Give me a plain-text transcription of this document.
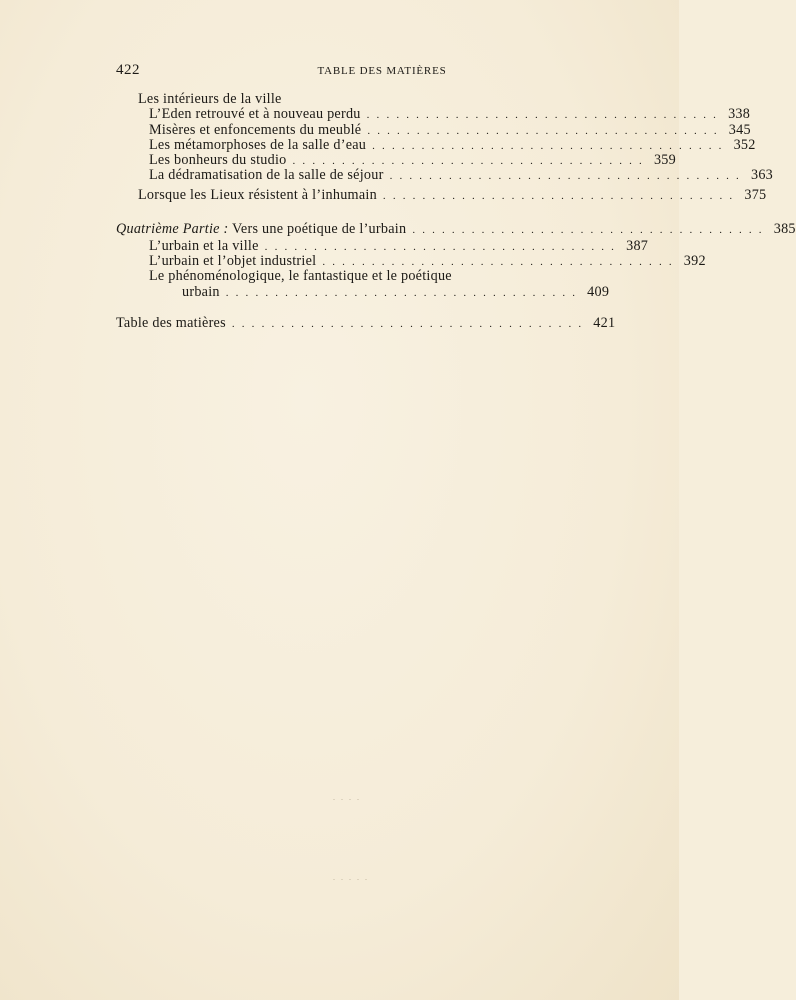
422	TABLE DES MATIÈRES
Les intérieurs de la ville
L’Eden retrouvé et à nouveau perdu . . . . . . . . . . . . . . . . . . . . . . . . . . . . . . . . . . . . 338
Misères et enfoncements du meublé . . . . . . . . . . . . . . . . . . . . . . . . . . . . . . . . . . . . 345
Les métamorphoses de la salle d’eau . . . . . . . . . . . . . . . . . . . . . . . . . . . . . . . . . . . . 352
Les bonheurs du studio . . . . . . . . . . . . . . . . . . . . . . . . . . . . . . . . . . . . 359
La dédramatisation de la salle de séjour . . . . . . . . . . . . . . . . . . . . . . . . . . . . . . . . . . . . 363
Lorsque les Lieux résistent à l’inhumain . . . . . . . . . . . . . . . . . . . . . . . . . . . . . . . . . . . . 375
Quatrième Partie : Vers une poétique de l’urbain . . . . . . . . . . . . . . . . . . . . . . . . . . . . . . . . . . . . 385
L’urbain et la ville . . . . . . . . . . . . . . . . . . . . . . . . . . . . . . . . . . . . 387
L’urbain et l’objet industriel . . . . . . . . . . . . . . . . . . . . . . . . . . . . . . . . . . . . 392
Le phénoménologique, le fantastique et le poétique
urbain . . . . . . . . . . . . . . . . . . . . . . . . . . . . . . . . . . . . 409
Table des matières . . . . . . . . . . . . . . . . . . . . . . . . . . . . . . . . . . . . 421
. . . .
. . . . .
